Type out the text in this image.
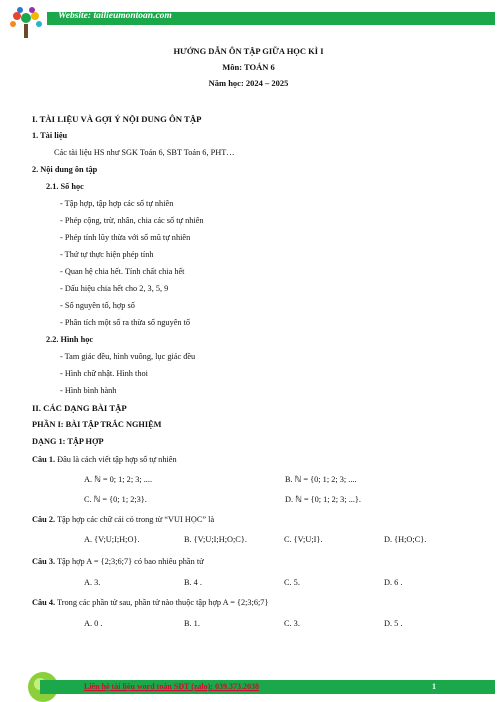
Website: tailieumontoan.com
HƯỚNG DẪN ÔN TẬP GIỮA HỌC KÌ I
Môn: TOÁN 6
Năm học: 2024 – 2025
I. TÀI LIỆU VÀ GỢI Ý NỘI DUNG ÔN TẬP
1. Tài liệu
Các tài liệu HS như SGK Toán 6, SBT Toán 6, PHT…
2. Nội dung ôn tập
2.1. Số học
- Tập hợp, tập hợp các số tự nhiên
- Phép cộng, trừ, nhân, chia các số tự nhiên
- Phép tính lũy thừa với số mũ tự nhiên
- Thứ tự thực hiện phép tính
- Quan hệ chia hết. Tính chất chia hết
- Dấu hiệu chia hết cho 2, 3, 5, 9
- Số nguyên tố, hợp số
- Phân tích một số ra thừa số nguyên tố
2.2. Hình học
- Tam giác đều, hình vuông, lục giác đều
- Hình chữ nhật. Hình thoi
- Hình bình hành
II. CÁC DẠNG BÀI TẬP
PHẦN I: BÀI TẬP TRẮC NGHIỆM
DẠNG 1: TẬP HỢP
Câu 1. Đâu là cách viết tập hợp số tự nhiên
A. ℕ = 0; 1; 2; 3; ....	B. ℕ = {0; 1; 2; 3; ....
C. ℕ = {0; 1; 2;3}.	D. ℕ = {0; 1; 2; 3; ...}.
Câu 2. Tập hợp các chữ cái có trong từ “VUI HỌC” là
A. {V;U;I;H;O}.	B. {V;U;I;H;O;C}.	C. {V;U;I}.	D. {H;O;C}.
Câu 3. Tập hợp A = {2;3;6;7} có bao nhiêu phần tử
A. 3.	B. 4 .	C. 5.	D. 6 .
Câu 4. Trong các phần tử sau, phần tử nào thuộc tập hợp A = {2;3;6;7}
A. 0 .	B. 1.	C. 3.	D. 5 .
Liên hệ tài liệu word toán SĐT (zalo): 039.373.2038	1
